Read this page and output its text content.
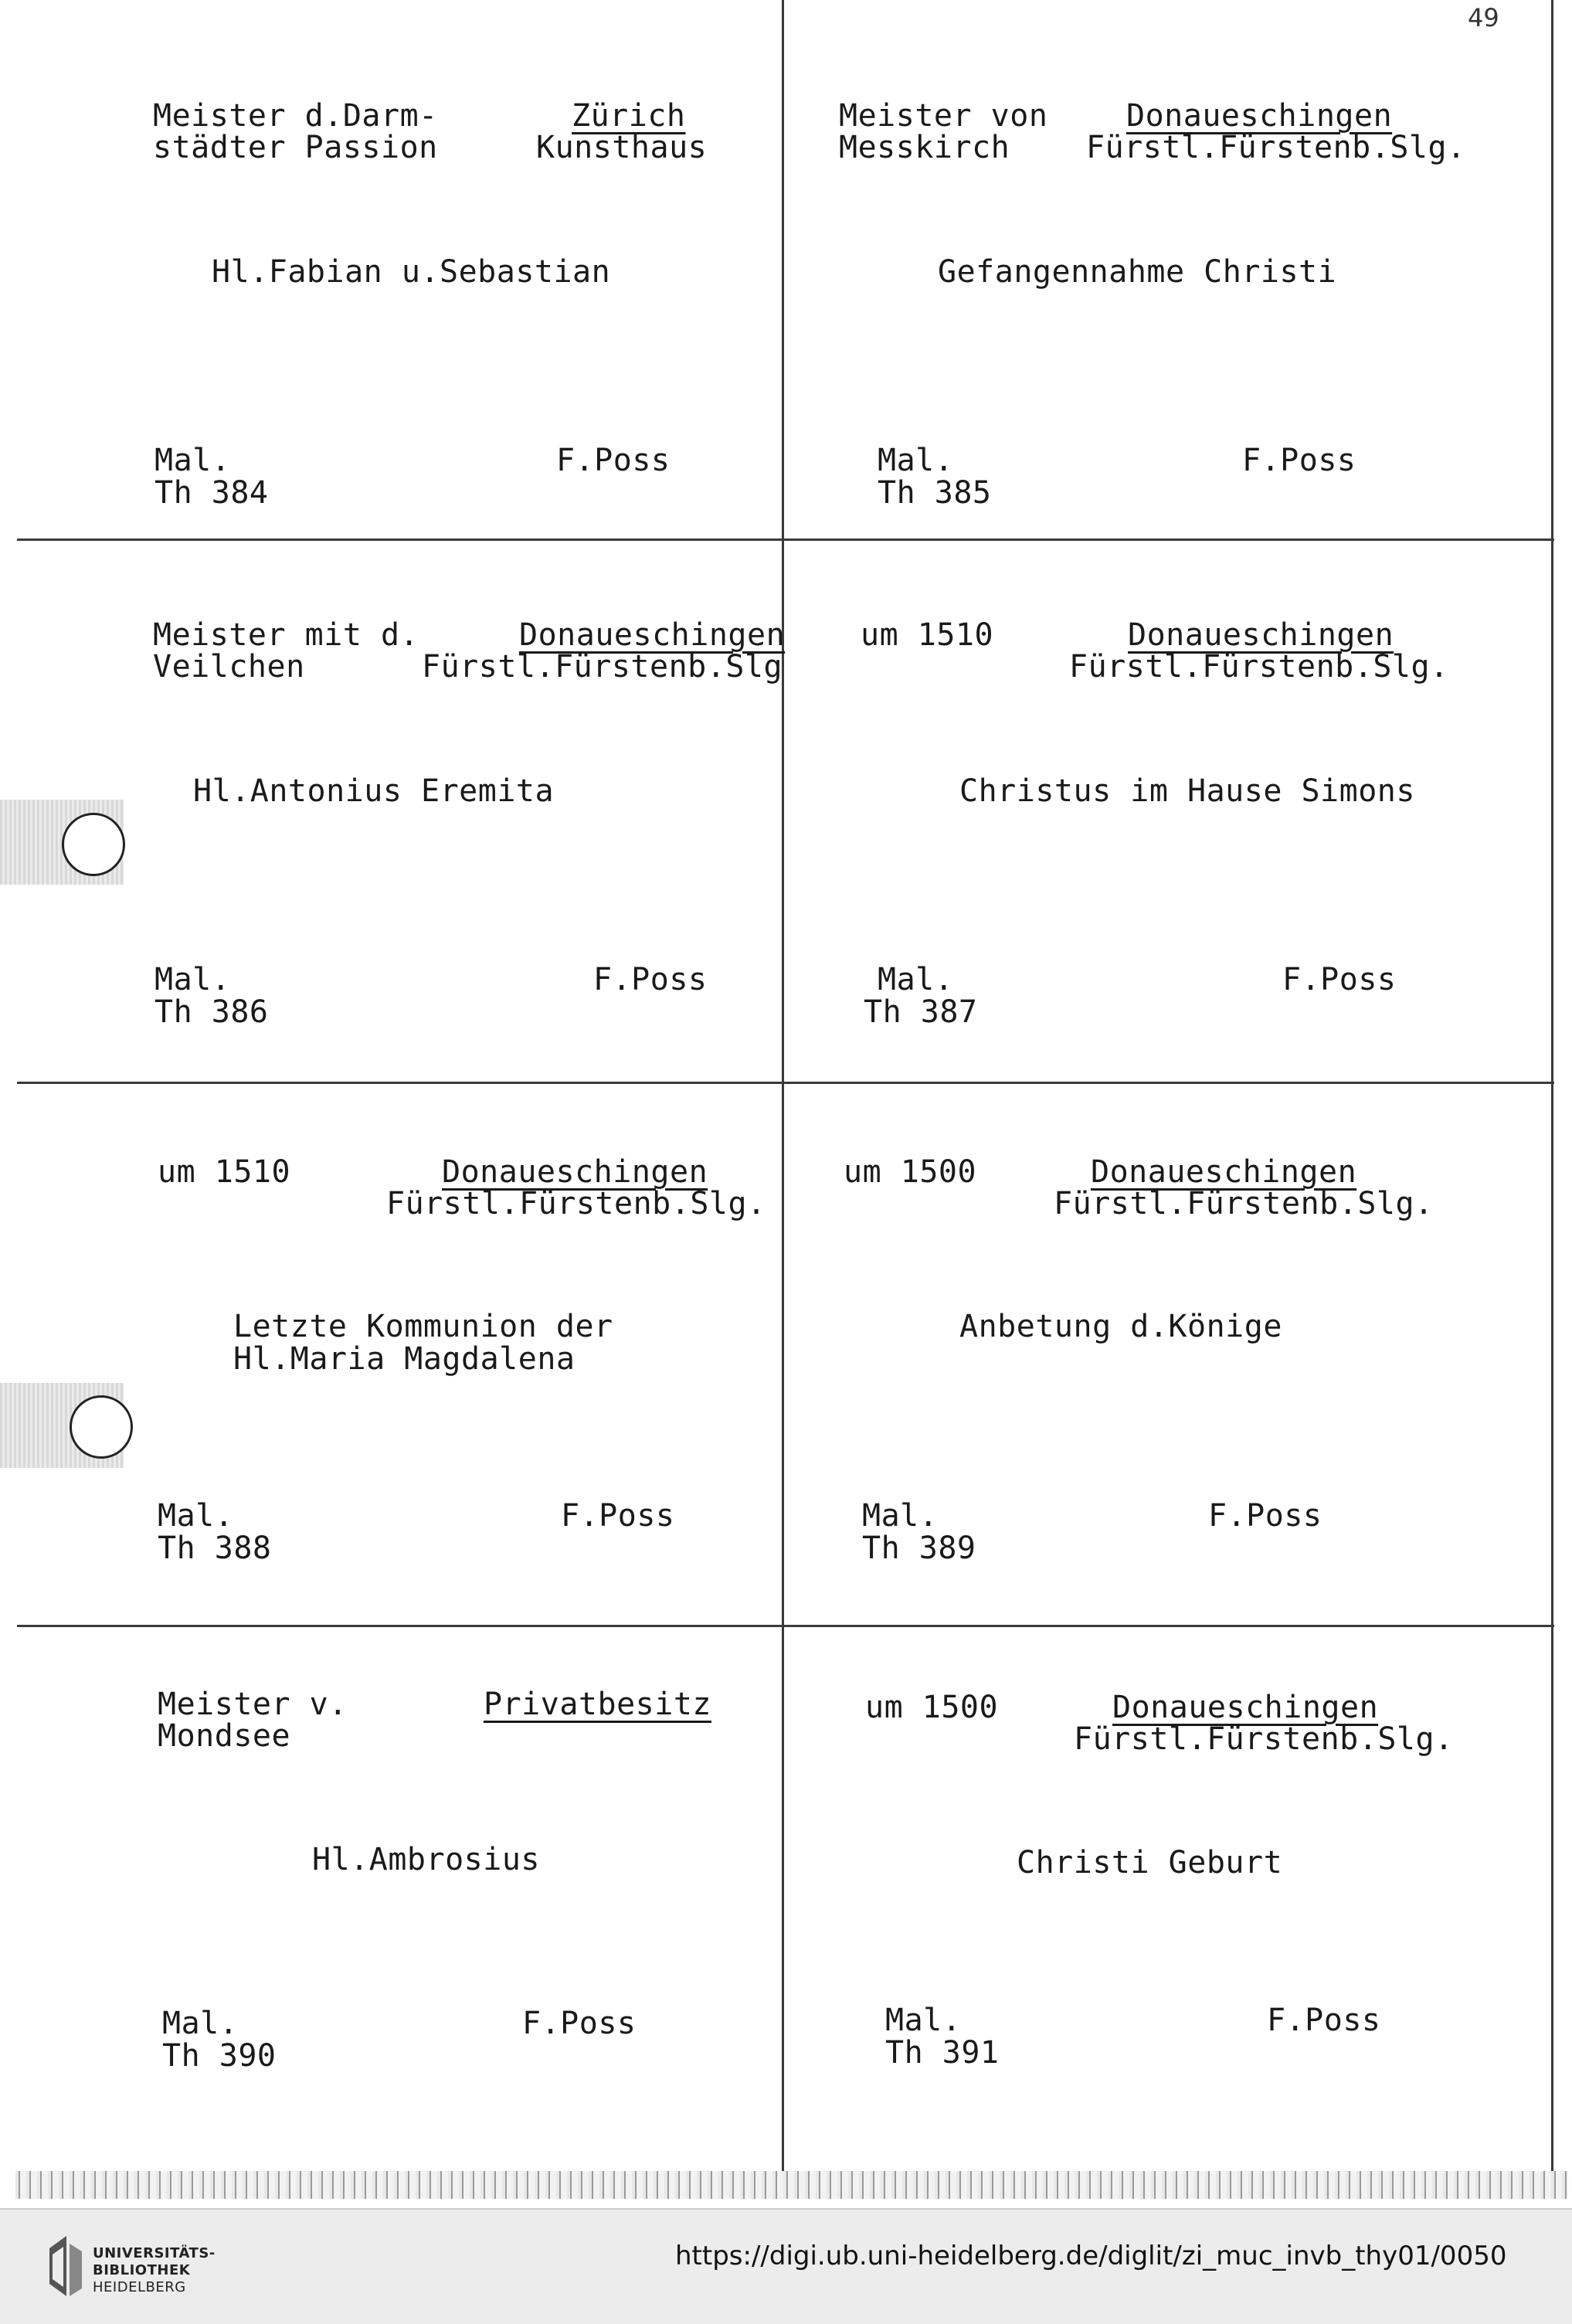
49
Meister d.Darm-
städter Passion
Zürich
Kunsthaus
Hl.Fabian u.Sebastian
Mal.
Th 384
F.Poss
Meister von
Messkirch
Donaueschingen
Fürstl.Fürstenb.Slg.
Gefangennahme Christi
Mal.
Th 385
F.Poss
Meister mit d.
Veilchen
Donaueschingen
Fürstl.Fürstenb.Slg
Hl.Antonius Eremita
Mal.
Th 386
F.Poss
um 1510	Donaueschingen
Fürstl.Fürstenb.Slg.
Christus im Hause Simons
Mal.
Th 387
F.Poss
um 1510	Donaueschingen
Fürstl.Fürstenb.Slg.
Letzte Kommunion der
Hl.Maria Magdalena
Mal.
Th 388
F.Poss
um 1500	Donaueschingen
Fürstl.Fürstenb.Slg.
Anbetung d.Könige
Mal.
Th 389
F.Poss
Meister v.
Mondsee
Privatbesitz
Hl.Ambrosius
Mal.
Th 390
F.Poss
um 1500	Donaueschingen
Fürstl.Fürstenb.Slg.
Christi Geburt
Mal.
Th 391
F.Poss
UNIVERSITÄTS-
BIBLIOTHEK
HEIDELBERG
https://digi.ub.uni-heidelberg.de/diglit/zi_muc_invb_thy01/0050
